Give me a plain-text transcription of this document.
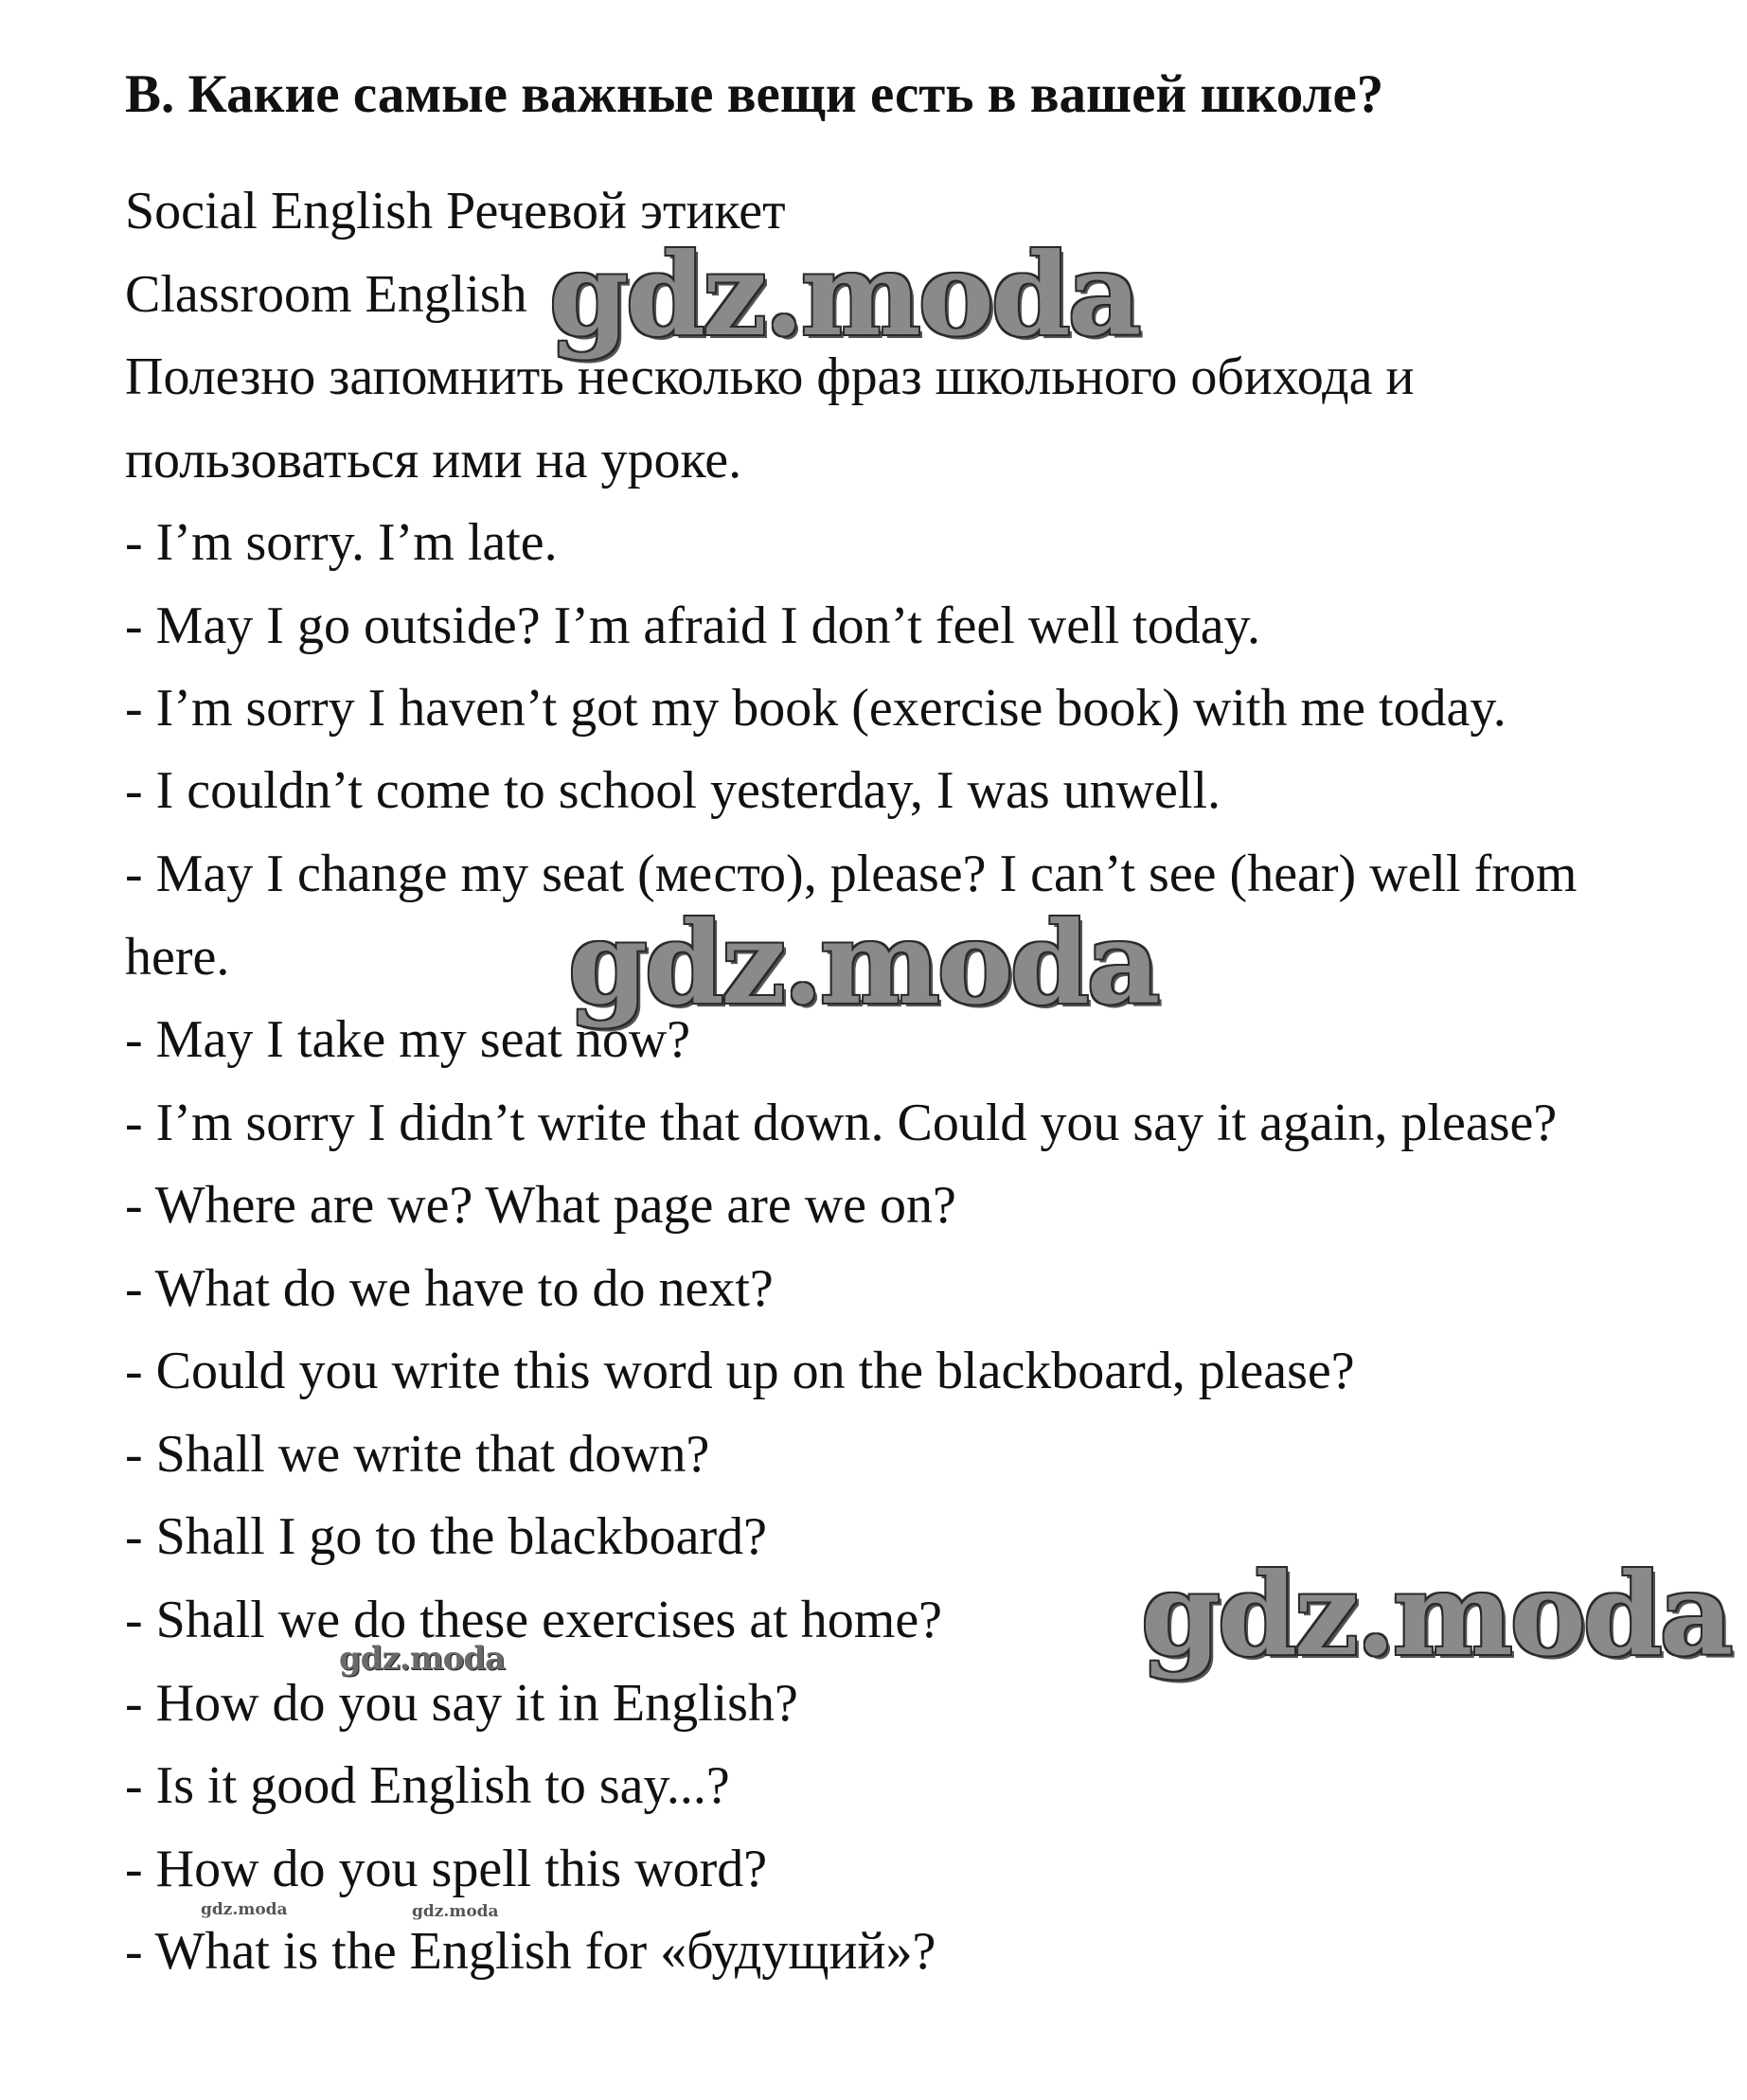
B. Какие самые важные вещи есть в вашей школе?
Social English Речевой этикет
Classroom English
Полезно запомнить несколько фраз школьного обихода и
пользоваться ими на уроке.
- I’m sorry. I’m late.
- May I go outside? I’m afraid I don’t feel well today.
- I’m sorry I haven’t got my book (exercise book) with me today.
- I couldn’t come to school yesterday, I was unwell.
- May I change my seat (место), please? I can’t see (hear) well from
here.
- May I take my seat now?
- I’m sorry I didn’t write that down. Could you say it again, please?
- Where are we? What page are we on?
- What do we have to do next?
- Could you write this word up on the blackboard, please?
- Shall we write that down?
- Shall I go to the blackboard?
- Shall we do these exercises at home?
- How do you say it in English?
- Is it good English to say...?
- How do you spell this word?
- What is the English for «будущий»?
gdz.moda
gdz.moda
gdz.moda
gdz.moda
gdz.moda	gdz.moda
